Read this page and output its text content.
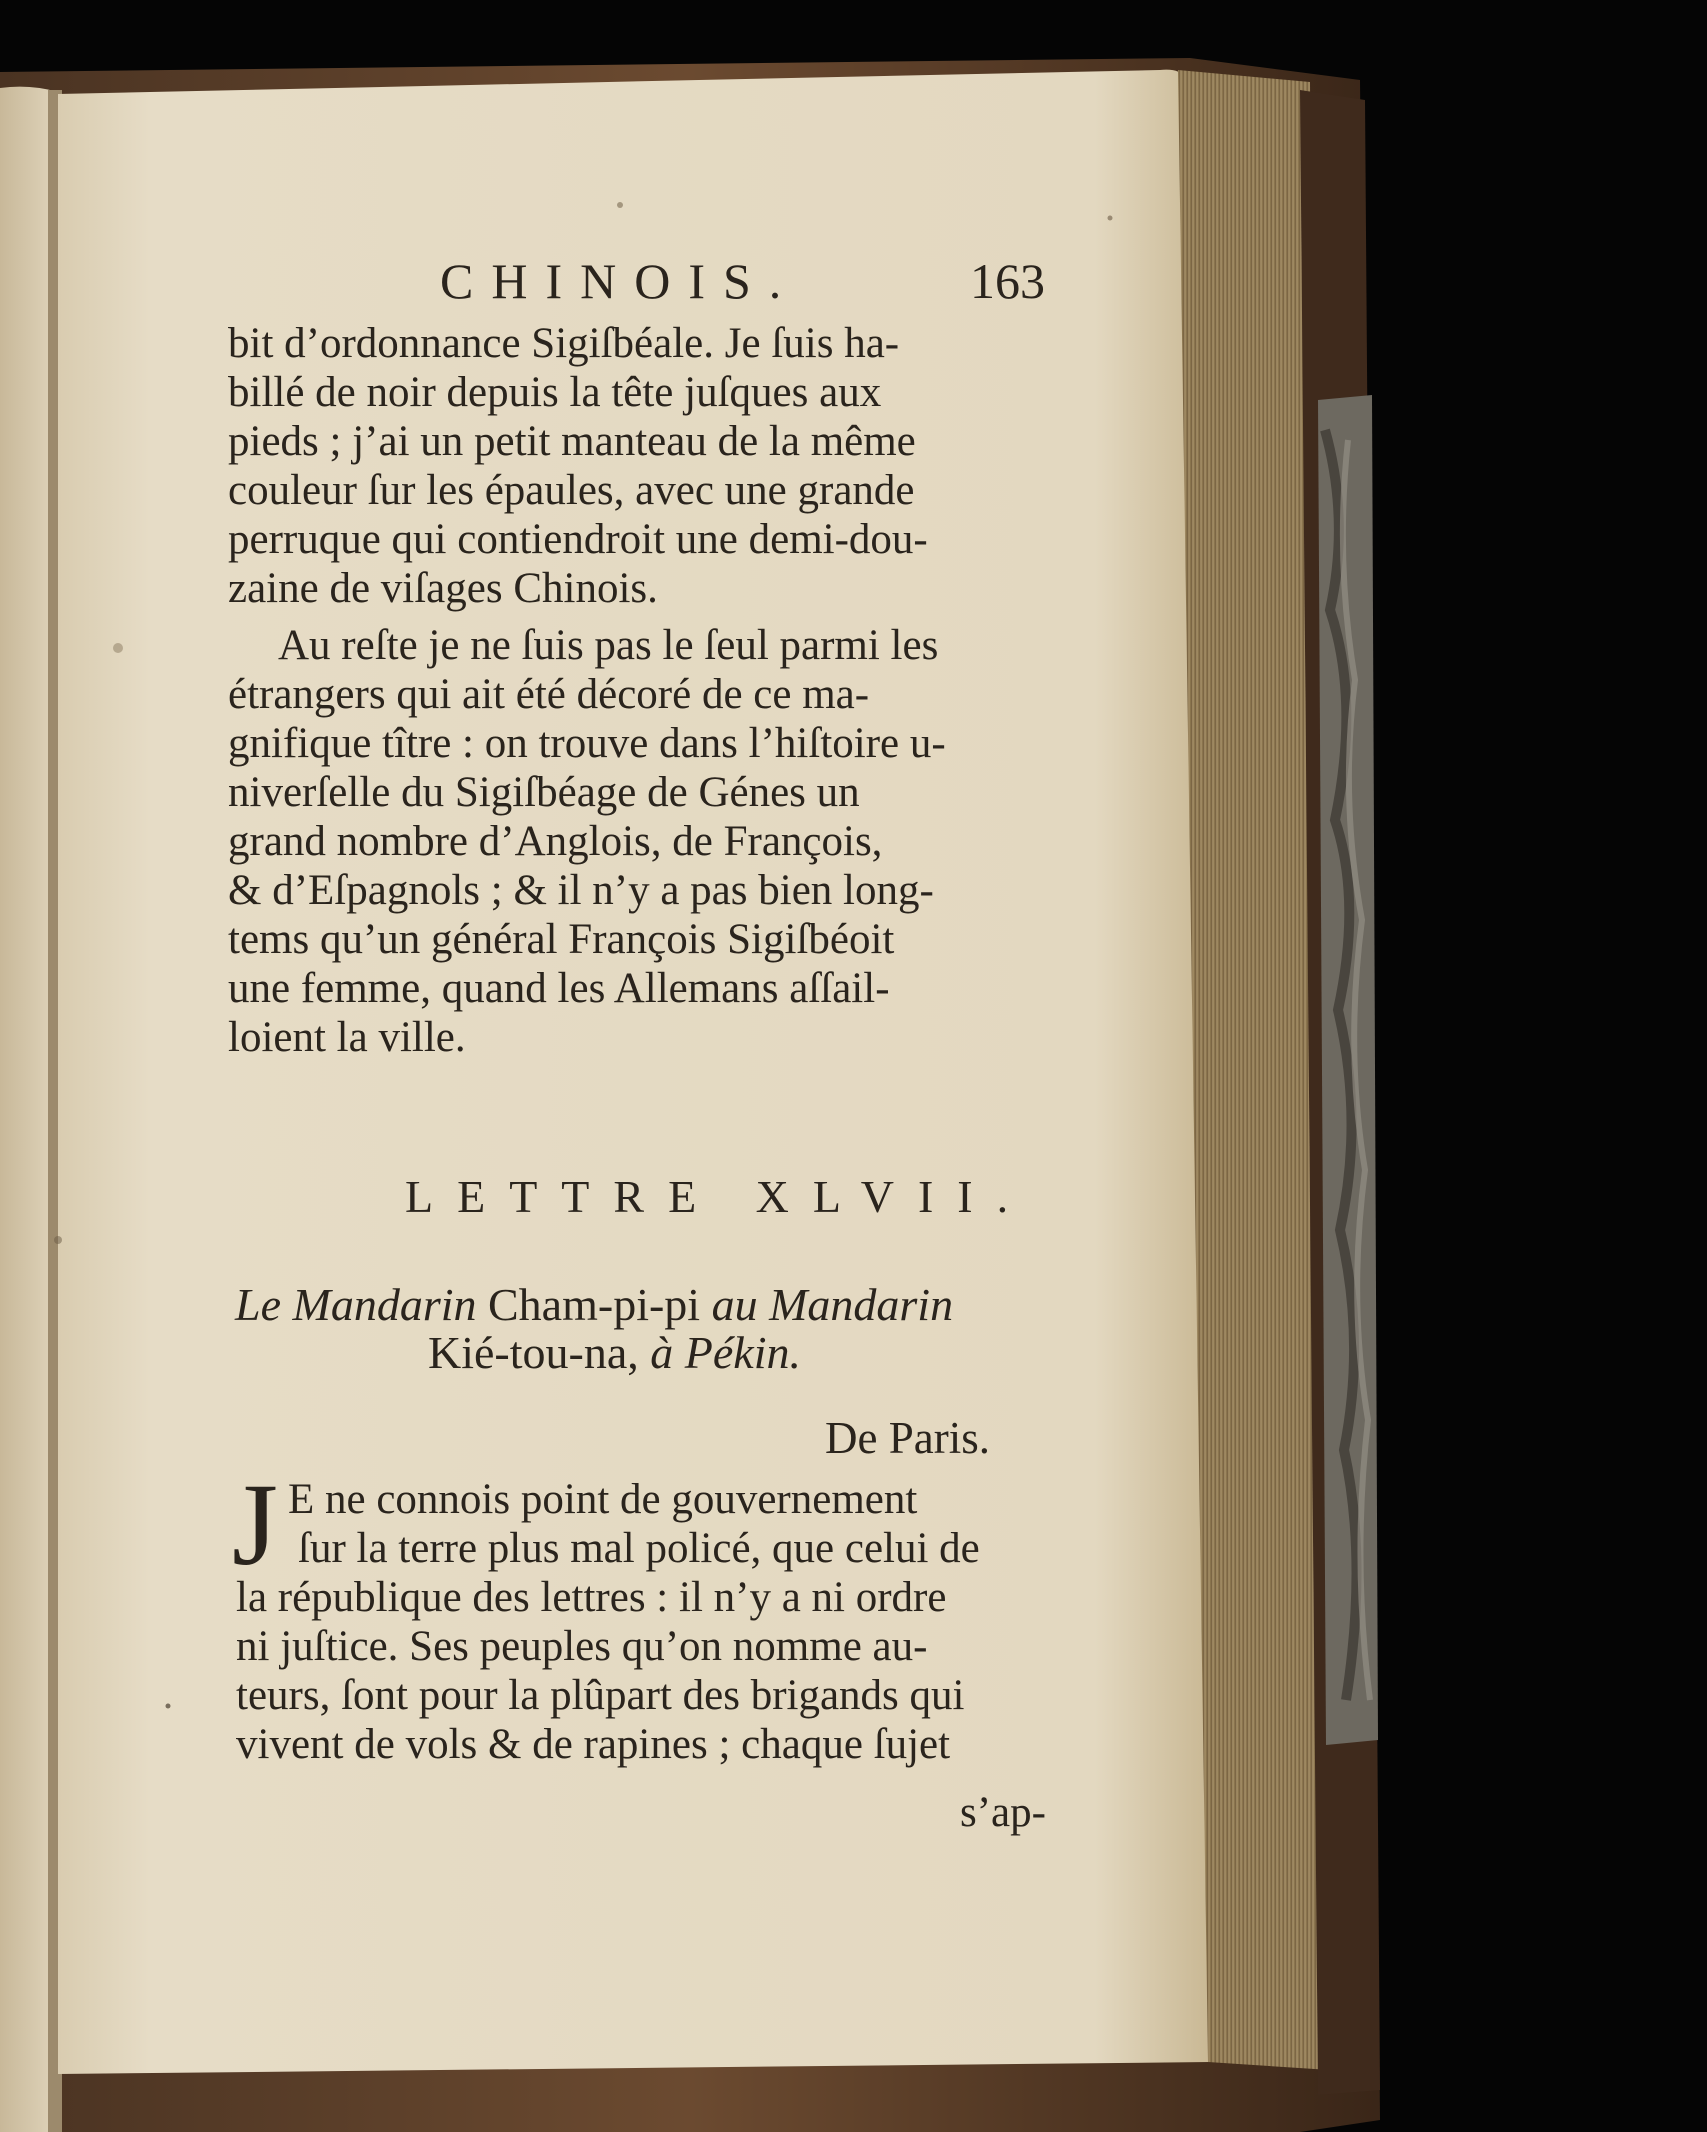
CHINOIS.	163
bit d’ordonnance Sigiſbéale. Je ſuis ha-
billé de noir depuis la tête juſques aux
pieds ; j’ai un petit manteau de la même
couleur ſur les épaules, avec une grande
perruque qui contiendroit une demi-dou-
zaine de viſages Chinois.
Au reſte je ne ſuis pas le ſeul parmi les
étrangers qui ait été décoré de ce ma-
gnifique tître : on trouve dans l’hiſtoire u-
niverſelle du Sigiſbéage de Génes un
grand nombre d’Anglois, de François,
& d’Eſpagnols ; & il n’y a pas bien long-
tems qu’un général François Sigiſbéoit
une femme, quand les Allemans aſſail-
loient la ville.
LETTRE XLVII.
Le Mandarin Cham-pi-pi au Mandarin
Kié-tou-na, à Pékin.
De Paris.
J E ne connois point de gouvernement
ſur la terre plus mal policé, que celui de
la république des lettres : il n’y a ni ordre
ni juſtice. Ses peuples qu’on nomme au-
teurs, ſont pour la plûpart des brigands qui
vivent de vols & de rapines ; chaque ſujet
s’ap-
